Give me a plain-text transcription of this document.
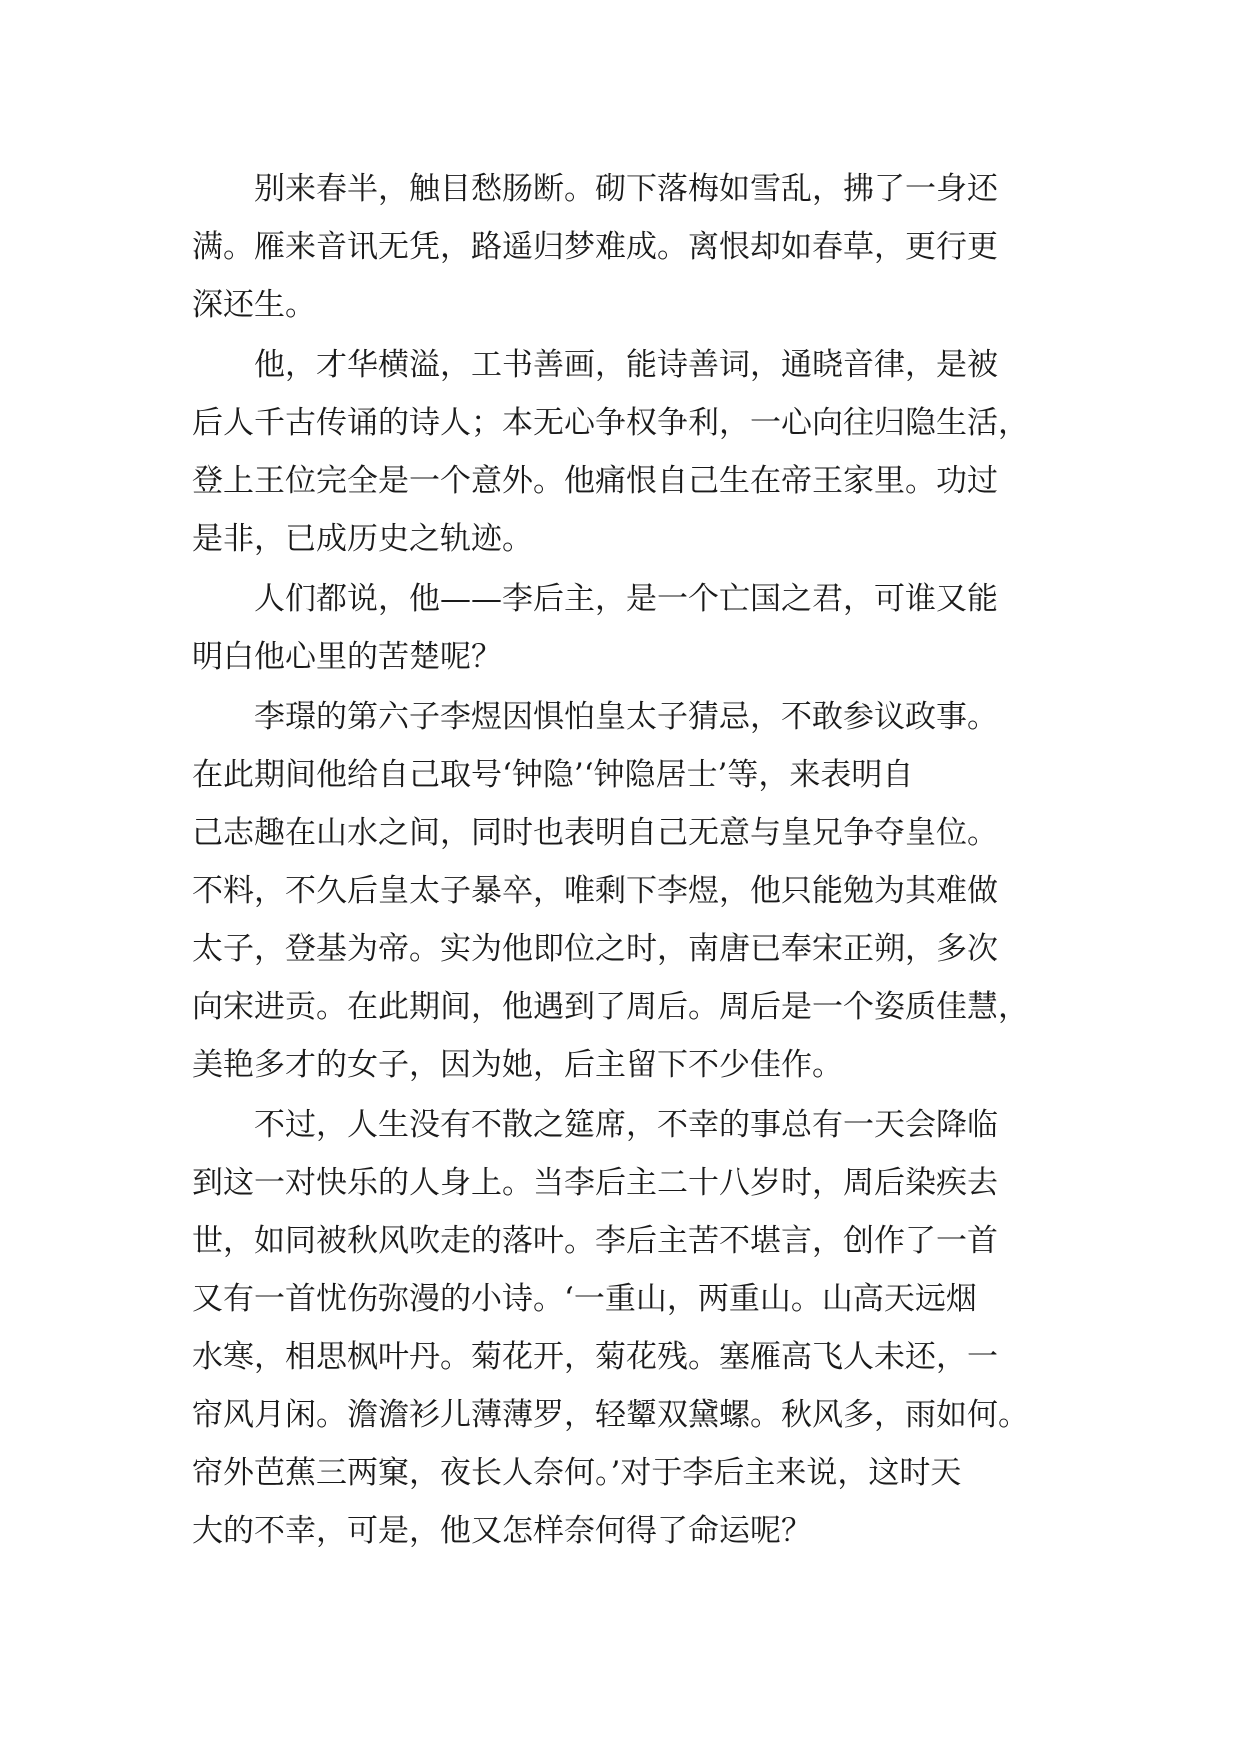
别来春半，触目愁肠断。砌下落梅如雪乱，拂了一身还
满。雁来音讯无凭，路遥归梦难成。离恨却如春草，更行更
深还生。
他，才华横溢，工书善画，能诗善词，通晓音律，是被
后人千古传诵的诗人；本无心争权争利，一心向往归隐生活，
登上王位完全是一个意外。他痛恨自己生在帝王家里。功过
是非，已成历史之轨迹。
人们都说，他——李后主，是一个亡国之君，可谁又能
明白他心里的苦楚呢？
李璟的第六子李煜因惧怕皇太子猜忌，不敢参议政事。
在此期间他给自己取号‘钟隐’‘钟隐居士’等，来表明自
己志趣在山水之间，同时也表明自己无意与皇兄争夺皇位。
不料，不久后皇太子暴卒，唯剩下李煜，他只能勉为其难做
太子，登基为帝。实为他即位之时，南唐已奉宋正朔，多次
向宋进贡。在此期间，他遇到了周后。周后是一个姿质佳慧，
美艳多才的女子，因为她，后主留下不少佳作。
不过，人生没有不散之筵席，不幸的事总有一天会降临
到这一对快乐的人身上。当李后主二十八岁时，周后染疾去
世，如同被秋风吹走的落叶。李后主苦不堪言，创作了一首
又有一首忧伤弥漫的小诗。‘一重山，两重山。山高天远烟
水寒，相思枫叶丹。菊花开，菊花残。塞雁高飞人未还，一
帘风月闲。澹澹衫儿薄薄罗，轻颦双黛螺。秋风多，雨如何。
帘外芭蕉三两窠，夜长人奈何。’对于李后主来说，这时天
大的不幸，可是，他又怎样奈何得了命运呢？
